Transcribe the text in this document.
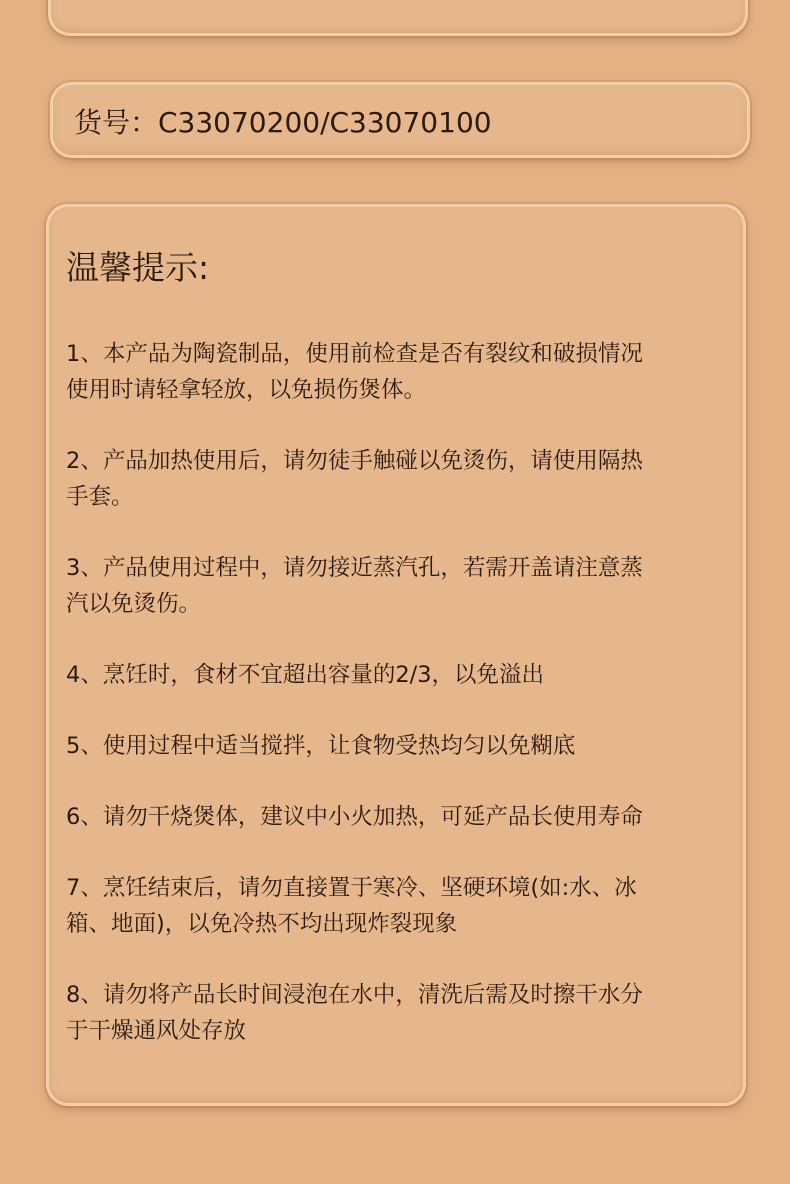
货号：C33070200/C33070100
温馨提示:
1、本产品为陶瓷制品，使用前检查是否有裂纹和破损情况
使用时请轻拿轻放，以免损伤煲体。
2、产品加热使用后，请勿徒手触碰以免烫伤，请使用隔热
手套。
3、产品使用过程中，请勿接近蒸汽孔，若需开盖请注意蒸
汽以免烫伤。
4、烹饪时，食材不宜超出容量的2/3，以免溢出
5、使用过程中适当搅拌，让食物受热均匀以免糊底
6、请勿干烧煲体，建议中小火加热，可延产品长使用寿命
7、烹饪结束后，请勿直接置于寒冷、坚硬环境(如:水、冰
箱、地面)，以免冷热不均出现炸裂现象
8、请勿将产品长时间浸泡在水中，清洗后需及时擦干水分
于干燥通风处存放
